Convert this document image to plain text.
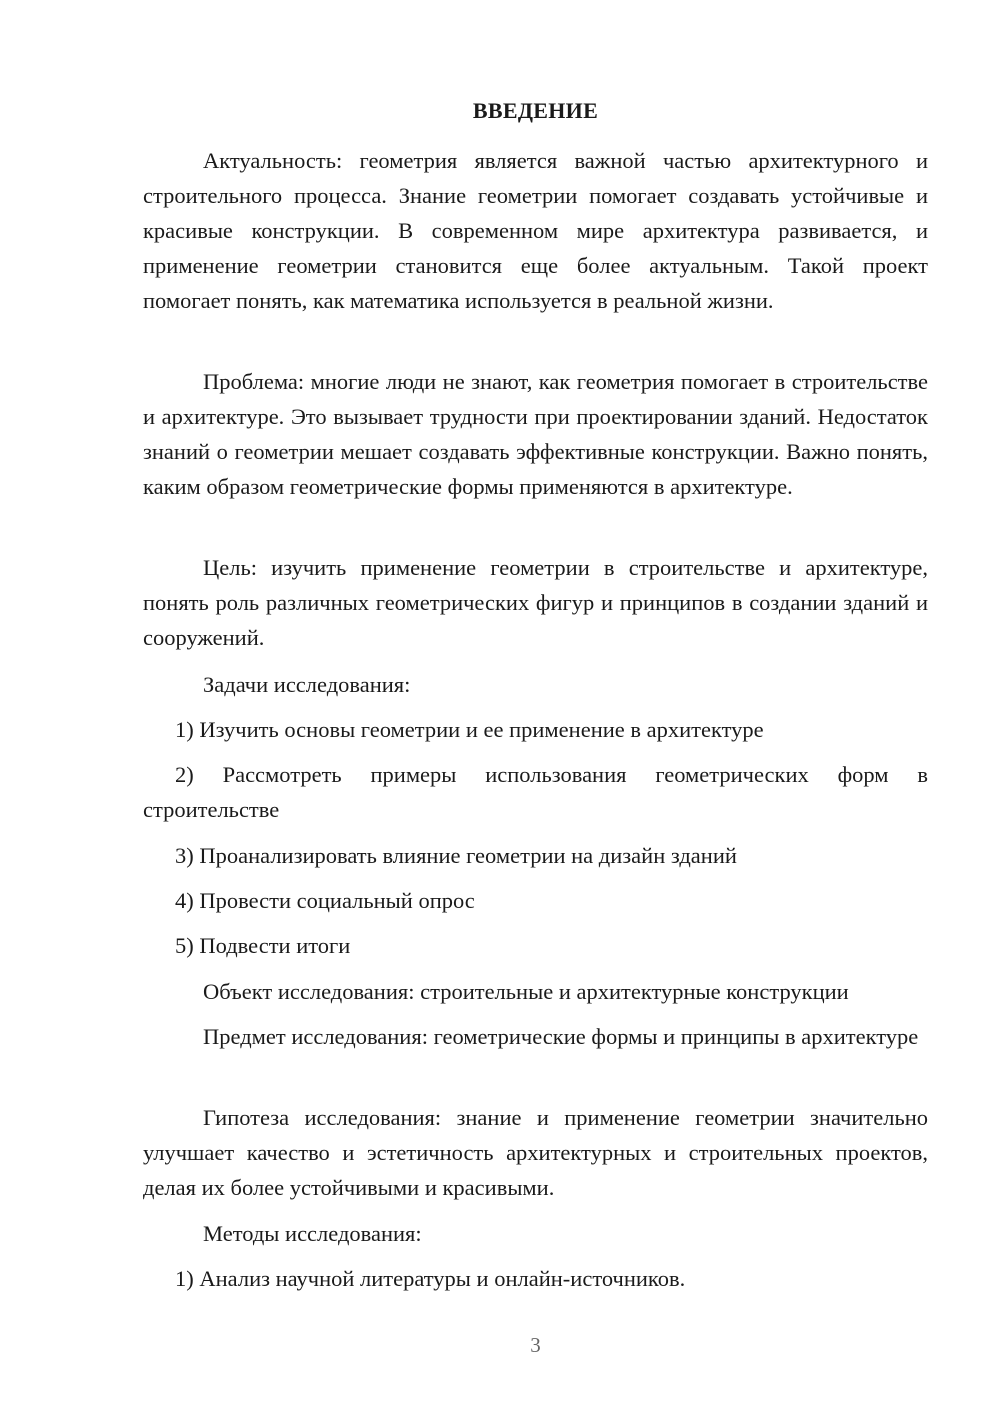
ВВЕДЕНИЕ

Актуальность: геометрия является важной частью архитектурного и строительного процесса. Знание геометрии помогает создавать устойчивые и красивые конструкции. В современном мире архитектура развивается, и применение геометрии становится еще более актуальным. Такой проект помогает понять, как математика используется в реальной жизни.

Проблема: многие люди не знают, как геометрия помогает в строительстве и архитектуре. Это вызывает трудности при проектировании зданий. Недостаток знаний о геометрии мешает создавать эффективные конструкции. Важно понять, каким образом геометрические формы применяются в архитектуре.

Цель: изучить применение геометрии в строительстве и архитектуре, понять роль различных геометрических фигур и принципов в создании зданий и сооружений.

Задачи исследования:

1) Изучить основы геометрии и ее применение в архитектуре

2) Рассмотреть примеры использования геометрических форм в строительстве

3) Проанализировать влияние геометрии на дизайн зданий

4) Провести социальный опрос

5) Подвести итоги

Объект исследования: строительные и архитектурные конструкции

Предмет исследования: геометрические формы и принципы в архитектуре

Гипотеза исследования: знание и применение геометрии значительно улучшает качество и эстетичность архитектурных и строительных проектов, делая их более устойчивыми и красивыми.

Методы исследования:

1) Анализ научной литературы и онлайн-источников.

3
